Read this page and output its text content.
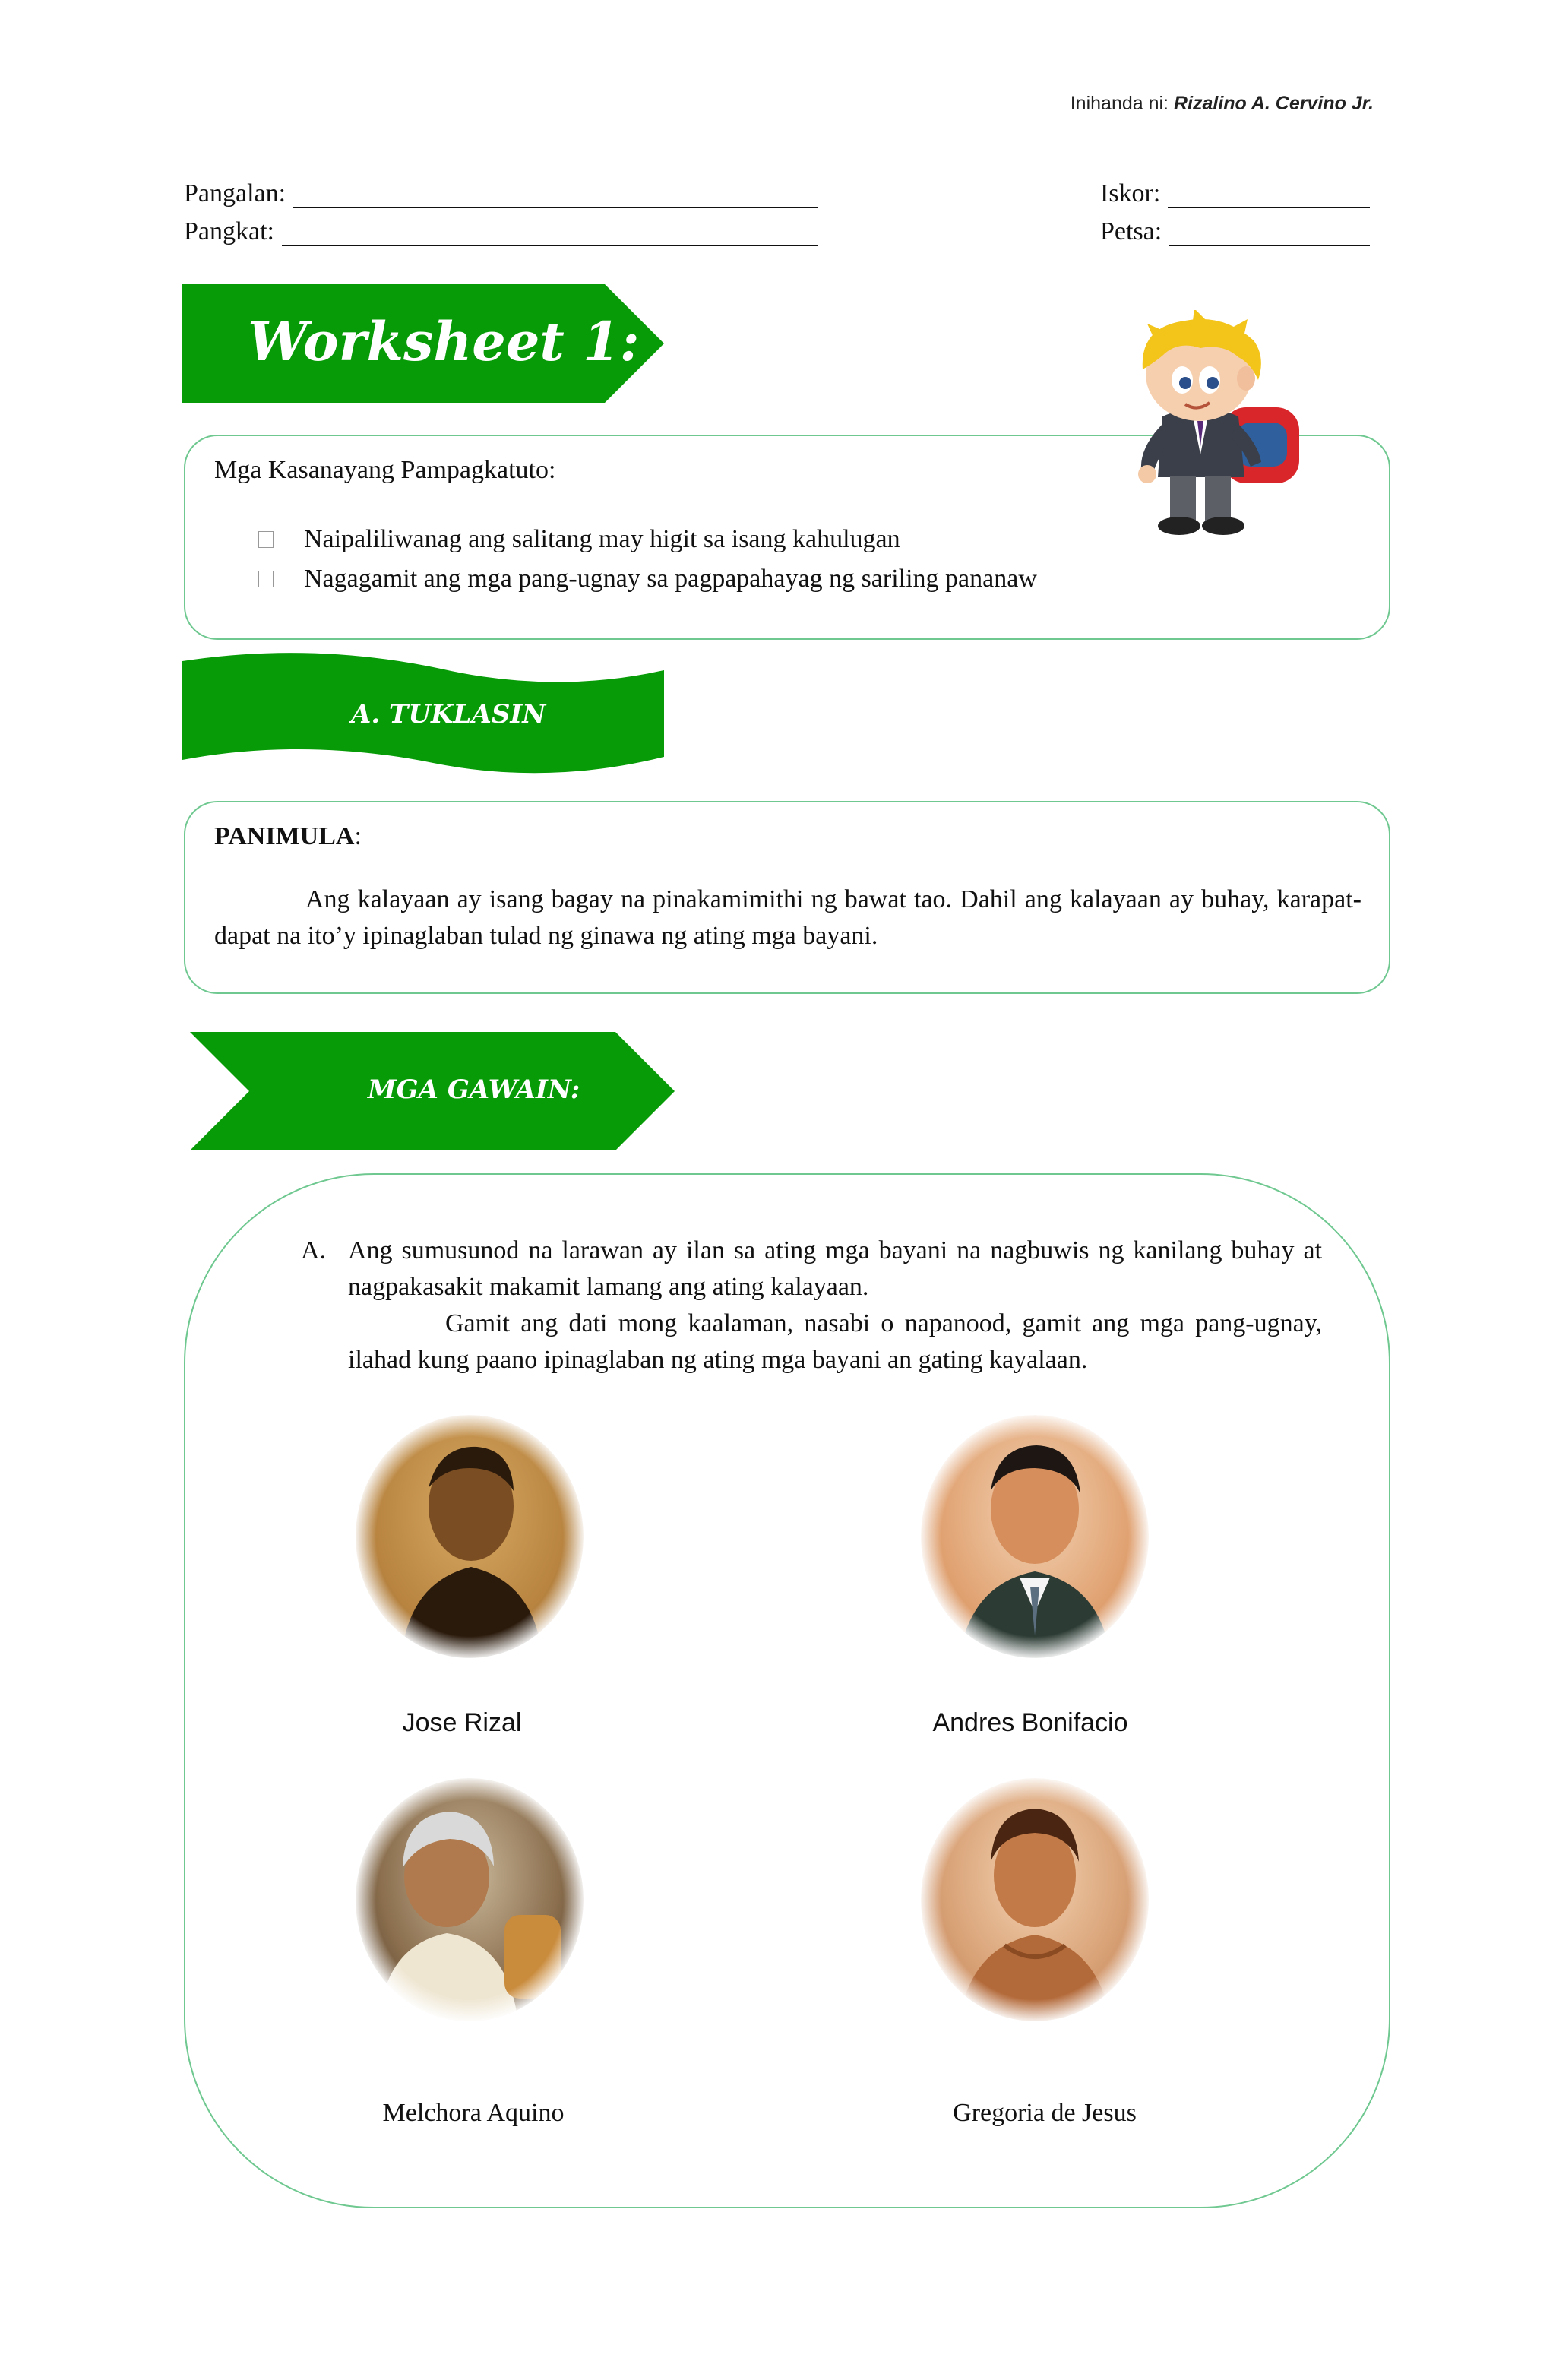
Inihanda ni: Rizalino A. Cervino Jr.
Pangalan:
Pangkat:
Iskor:
Petsa:
Worksheet 1:
Mga Kasanayang Pampagkatuto:
Naipaliliwanag ang salitang may higit sa isang kahulugan
Nagagamit ang mga pang-ugnay sa pagpapahayag ng sariling pananaw
A. TUKLASIN
PANIMULA:
Ang kalayaan ay isang bagay na pinakamimithi ng bawat tao. Dahil ang kalayaan ay buhay, karapat-dapat na ito’y ipinaglaban tulad ng ginawa ng ating mga bayani.
MGA GAWAIN:
A. Ang sumusunod na larawan ay ilan sa ating mga bayani na nagbuwis ng kanilang buhay at nagpakasakit makamit lamang ang ating kalayaan.

Gamit ang dati mong kaalaman, nasabi o napanood, gamit ang mga pang-ugnay, ilahad kung paano ipinaglaban ng ating mga bayani an gating kayalaan.

Jose Rizal	Andres Bonifacio
Melchora Aquino	Gregoria de Jesus
